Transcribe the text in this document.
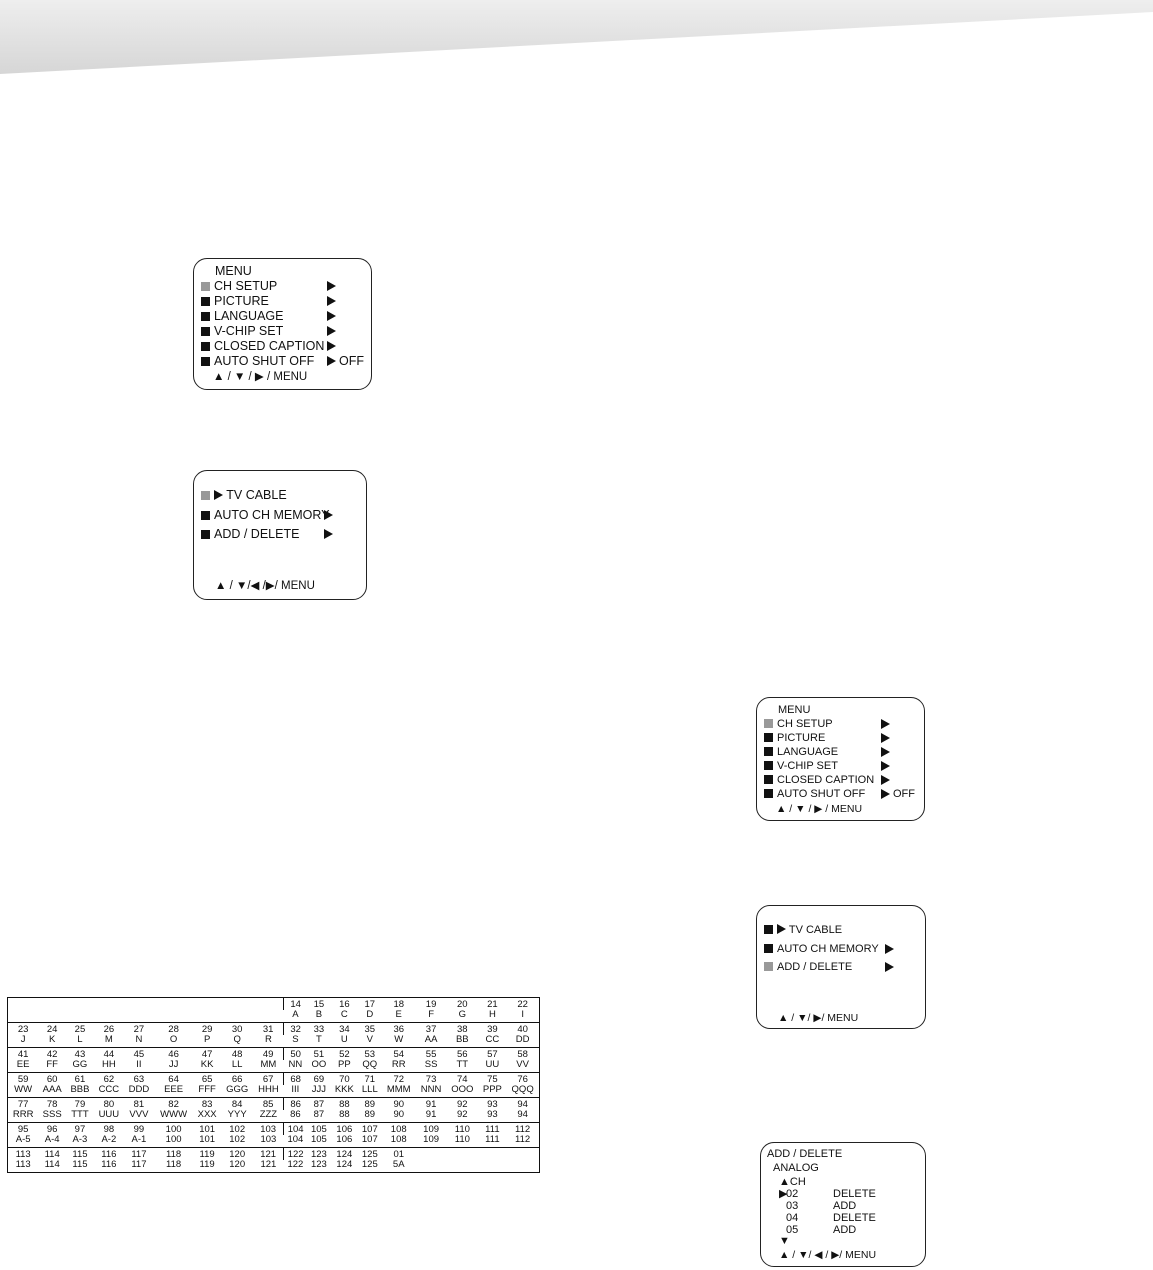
MENU
CH SETUP
PICTURE
LANGUAGE
V-CHIP SET
CLOSED CAPTION
AUTO SHUT OFF OFF
▲ / ▼ / ▶ / MENU
TV CABLE
AUTO CH MEMORY
ADD / DELETE
▲ / ▼/◀ /▶/ MENU
MENU
CH SETUP
PICTURE
LANGUAGE
V-CHIP SET
CLOSED CAPTION
AUTO SHUT OFF	OFF
▲ / ▼ / ▶ / MENU
TV CABLE
AUTO CH MEMORY
ADD / DELETE
▲ / ▼/ ▶/ MENU
ADD / DELETE
ANALOG
▲CH
▶02	DELETE
03	ADD
04	DELETE
05	ADD
▼
▲ / ▼/ ◀ / ▶/ MENU
									14	15	16	17	18	19	20	21	22
									A	B	C	D	E	F	G	H	I
23	24	25	26	27	28	29	30	31	32	33	34	35	36	37	38	39	40
J	K	L	M	N	O	P	Q	R	S	T	U	V	W	AA	BB	CC	DD
41	42	43	44	45	46	47	48	49	50	51	52	53	54	55	56	57	58
EE	FF	GG	HH	II	JJ	KK	LL	MM	NN	OO	PP	QQ	RR	SS	TT	UU	VV
59	60	61	62	63	64	65	66	67	68	69	70	71	72	73	74	75	76
WW	AAA	BBB	CCC	DDD	EEE	FFF	GGG	HHH	III	JJJ	KKK	LLL	MMM	NNN	OOO	PPP	QQQ
77	78	79	80	81	82	83	84	85	86	87	88	89	90	91	92	93	94
RRR	SSS	TTT	UUU	VVV	WWW	XXX	YYY	ZZZ	86	87	88	89	90	91	92	93	94
95	96	97	98	99	100	101	102	103	104	105	106	107	108	109	110	111	112
A-5	A-4	A-3	A-2	A-1	100	101	102	103	104	105	106	107	108	109	110	111	112
113	114	115	116	117	118	119	120	121	122	123	124	125	01				
113	114	115	116	117	118	119	120	121	122	123	124	125	5A				
